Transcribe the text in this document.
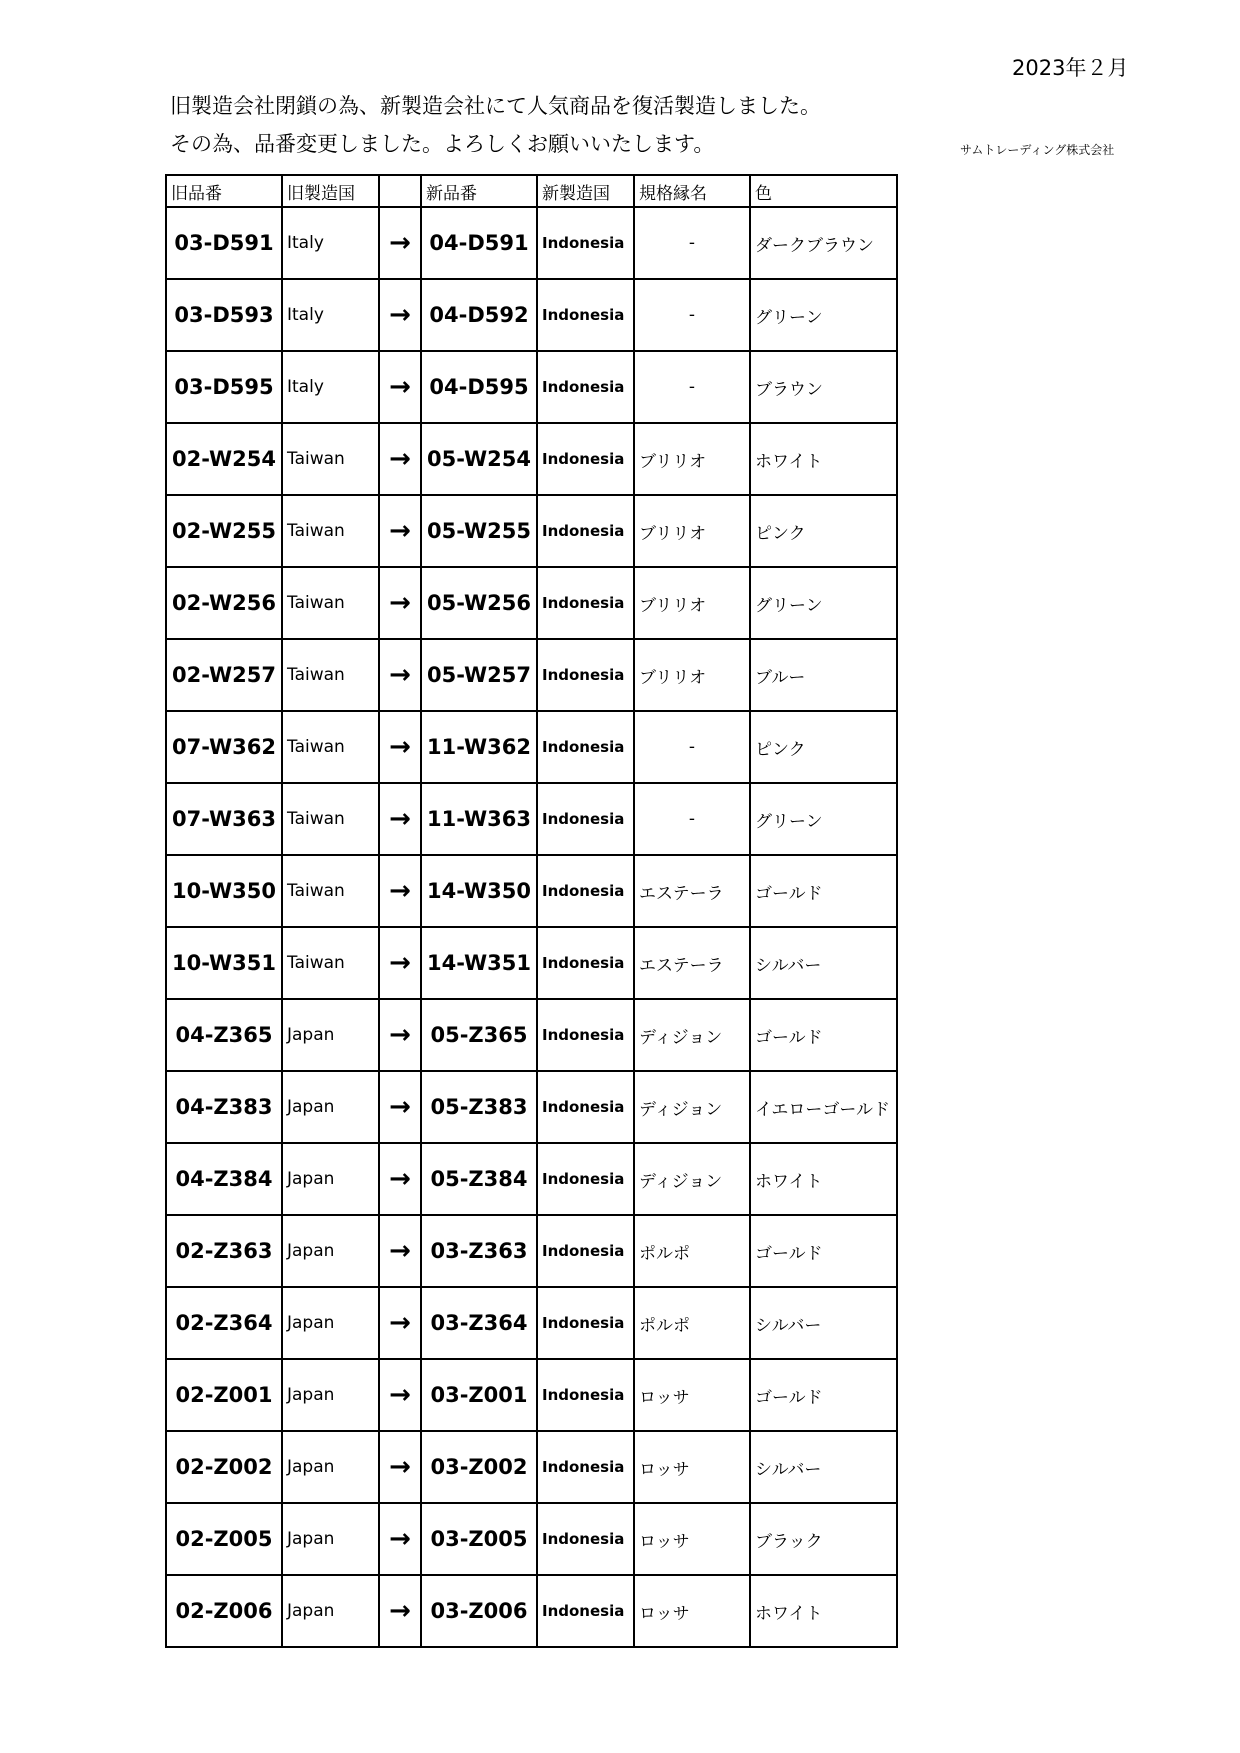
2023年２月
旧製造会社閉鎖の為、新製造会社にて人気商品を復活製造しました。
その為、品番変更しました。よろしくお願いいたします。	サムトレーディング株式会社
旧品番	旧製造国		新品番	新製造国	規格縁名	色
03-D591	Italy	→	04-D591	Indonesia	-	ダークブラウン
03-D593	Italy	→	04-D592	Indonesia	-	グリーン
03-D595	Italy	→	04-D595	Indonesia	-	ブラウン
02-W254	Taiwan	→	05-W254	Indonesia	ブリリオ	ホワイト
02-W255	Taiwan	→	05-W255	Indonesia	ブリリオ	ピンク
02-W256	Taiwan	→	05-W256	Indonesia	ブリリオ	グリーン
02-W257	Taiwan	→	05-W257	Indonesia	ブリリオ	ブルー
07-W362	Taiwan	→	11-W362	Indonesia	-	ピンク
07-W363	Taiwan	→	11-W363	Indonesia	-	グリーン
10-W350	Taiwan	→	14-W350	Indonesia	エステーラ	ゴールド
10-W351	Taiwan	→	14-W351	Indonesia	エステーラ	シルバー
04-Z365	Japan	→	05-Z365	Indonesia	ディジョン	ゴールド
04-Z383	Japan	→	05-Z383	Indonesia	ディジョン	イエローゴールド
04-Z384	Japan	→	05-Z384	Indonesia	ディジョン	ホワイト
02-Z363	Japan	→	03-Z363	Indonesia	ポルポ	ゴールド
02-Z364	Japan	→	03-Z364	Indonesia	ポルポ	シルバー
02-Z001	Japan	→	03-Z001	Indonesia	ロッサ	ゴールド
02-Z002	Japan	→	03-Z002	Indonesia	ロッサ	シルバー
02-Z005	Japan	→	03-Z005	Indonesia	ロッサ	ブラック
02-Z006	Japan	→	03-Z006	Indonesia	ロッサ	ホワイト
